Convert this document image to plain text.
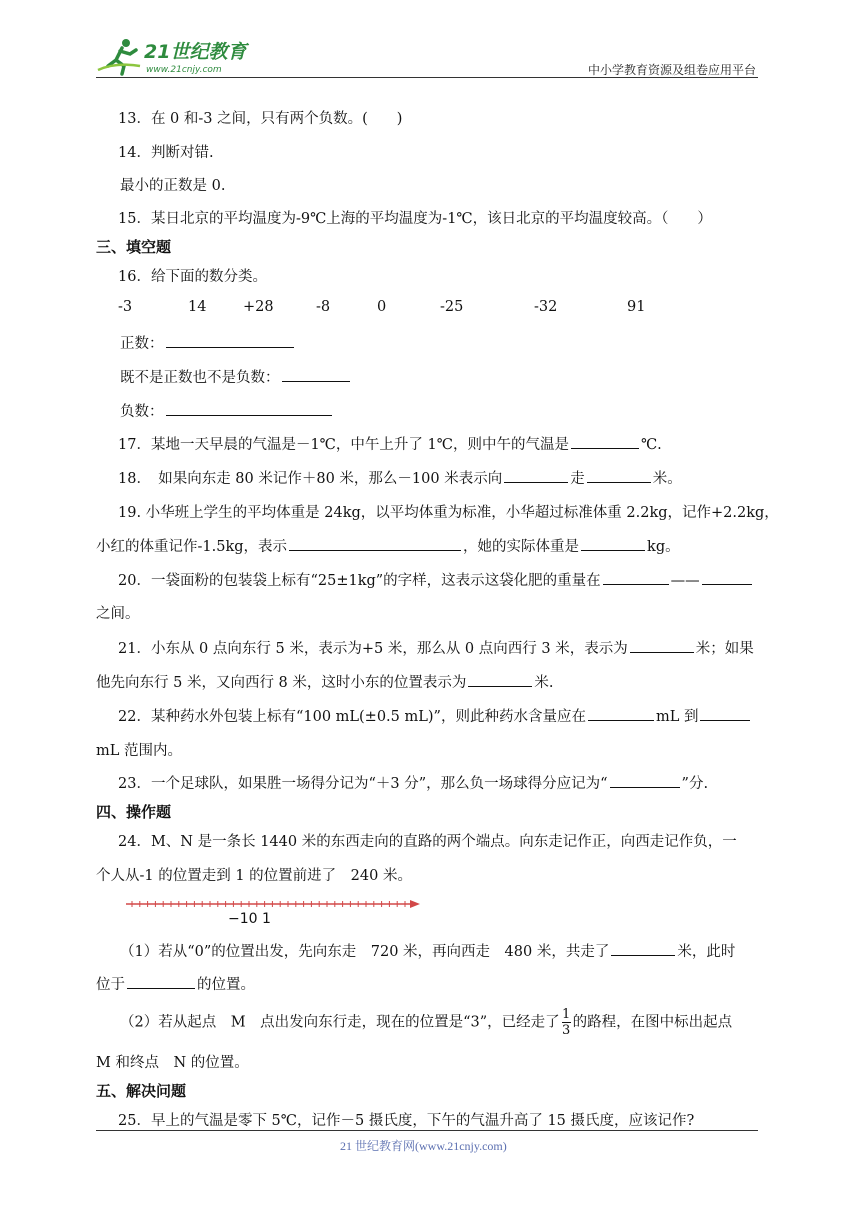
21世纪教育
www.21cnjy.com	中小学教育资源及组卷应用平台
13．在 0 和-3 之间，只有两个负数。(　　)
14．判断对错.
最小的正数是 0.
15．某日北京的平均温度为-9℃上海的平均温度为-1℃，该日北京的平均温度较高。（　　）
三、填空题
16．给下面的数分类。
-3	14	+28	-8	0	-25	-32	91
正数：
既不是正数也不是负数：
负数：
17．某地一天早晨的气温是－1℃，中午上升了 1℃，则中午的气温是	℃.
18．　如果向东走 80 米记作＋80 米，那么－100 米表示向	走	米。
19. 小华班上学生的平均体重是 24kg，以平均体重为标准，小华超过标准体重 2.2kg，记作+2.2kg，
小红的体重记作-1.5kg，表示	，她的实际体重是	kg。
20．一袋面粉的包装袋上标有“25±1kg”的字样，这表示这袋化肥的重量在	——
之间。
21．小东从 0 点向东行 5 米，表示为+5 米，那么从 0 点向西行 3 米，表示为	米；如果
他先向东行 5 米，又向西行 8 米，这时小东的位置表示为	米.
22．某种药水外包装上标有“100 mL(±0.5 mL)”，则此种药水含量应在	mL 到
mL 范围内。
23．一个足球队，如果胜一场得分记为“＋3 分”，那么负一场球得分应记为“	”分.
四、操作题
24．M、N 是一条长 1440 米的东西走向的直路的两个端点。向东走记作正，向西走记作负，一
个人从-1 的位置走到 1 的位置前进了　240 米。
−10 1
（1）若从“0”的位置出发，先向东走　720 米，再向西走　480 米，共走了	米，此时
位于	的位置。
（2）若从起点　M　点出发向东行走，现在的位置是“3”，已经走了 $\frac{1}{3}$ 的路程，在图中标出起点
M 和终点　N 的位置。
五、解决问题
25．早上的气温是零下 5℃，记作－5 摄氏度，下午的气温升高了 15 摄氏度，应该记作?
21 世纪教育网(www.21cnjy.com)
